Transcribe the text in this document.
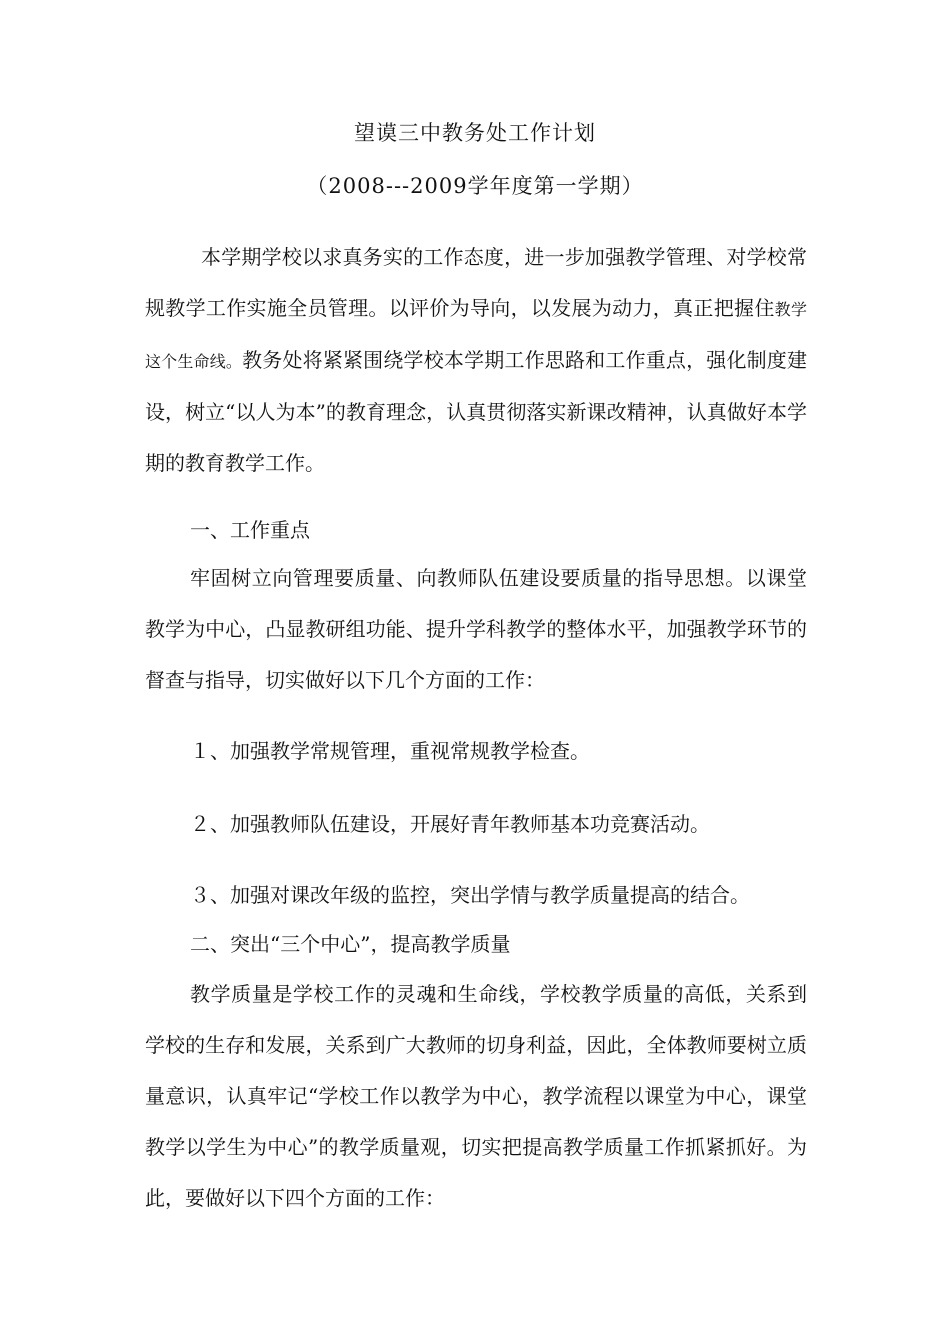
望谟三中教务处工作计划
（2008---2009学年度第一学期）

本学期学校以求真务实的工作态度，进一步加强教学管理、对学校常规教学工作实施全员管理。以评价为导向，以发展为动力，真正把握住教学这个生命线。教务处将紧紧围绕学校本学期工作思路和工作重点，强化制度建设，树立“以人为本”的教育理念，认真贯彻落实新课改精神，认真做好本学期的教育教学工作。

一、工作重点

牢固树立向管理要质量、向教师队伍建设要质量的指导思想。以课堂教学为中心，凸显教研组功能、提升学科教学的整体水平，加强教学环节的督查与指导，切实做好以下几个方面的工作：

１、加强教学常规管理，重视常规教学检查。
２、加强教师队伍建设，开展好青年教师基本功竞赛活动。
３、加强对课改年级的监控，突出学情与教学质量提高的结合。
二、突出“三个中心”，提高教学质量

教学质量是学校工作的灵魂和生命线，学校教学质量的高低，关系到学校的生存和发展，关系到广大教师的切身利益，因此，全体教师要树立质量意识，认真牢记“学校工作以教学为中心，教学流程以课堂为中心，课堂教学以学生为中心”的教学质量观，切实把提高教学质量工作抓紧抓好。为此，要做好以下四个方面的工作：
